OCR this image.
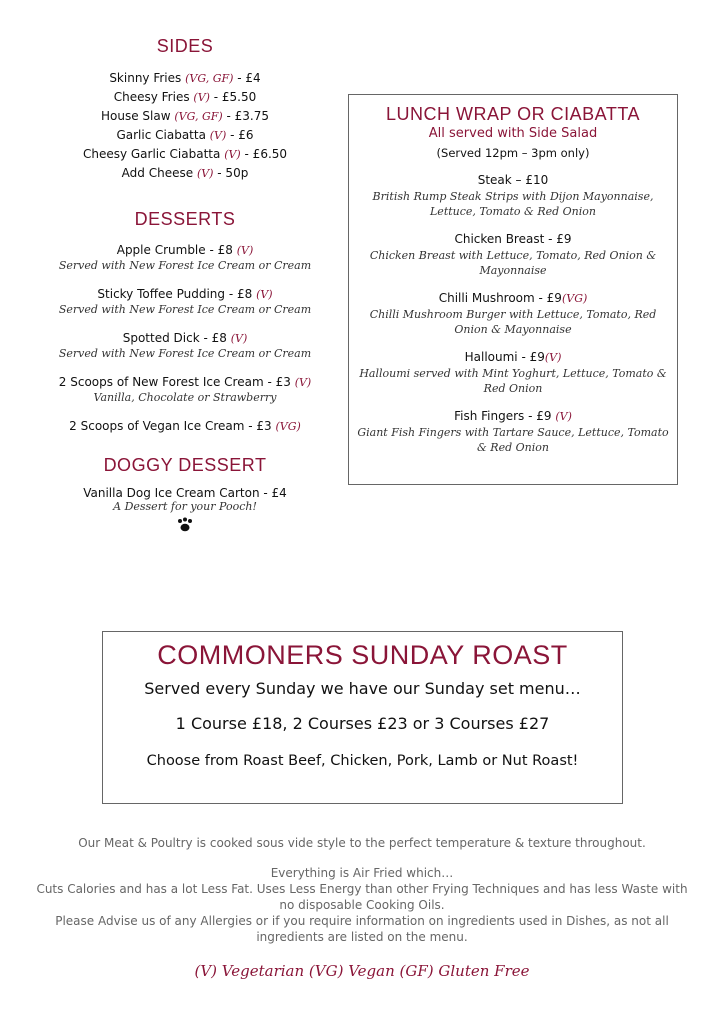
SIDES
Skinny Fries (VG, GF) - £4
Cheesy Fries (V) - £5.50
House Slaw (VG, GF) - £3.75
Garlic Ciabatta (V) - £6
Cheesy Garlic Ciabatta (V) - £6.50
Add Cheese (V) - 50p
DESSERTS
Apple Crumble - £8 (V)
Served with New Forest Ice Cream or Cream
Sticky Toffee Pudding - £8 (V)
Served with New Forest Ice Cream or Cream
Spotted Dick - £8 (V)
Served with New Forest Ice Cream or Cream
2 Scoops of New Forest Ice Cream - £3 (V)
Vanilla, Chocolate or Strawberry
2 Scoops of Vegan Ice Cream - £3 (VG)
DOGGY DESSERT
Vanilla Dog Ice Cream Carton - £4
A Dessert for your Pooch!
LUNCH WRAP OR CIABATTA
All served with Side Salad
(Served 12pm – 3pm only)
Steak – £10
British Rump Steak Strips with Dijon Mayonnaise, Lettuce, Tomato & Red Onion
Chicken Breast - £9
Chicken Breast with Lettuce, Tomato, Red Onion & Mayonnaise
Chilli Mushroom - £9(VG)
Chilli Mushroom Burger with Lettuce, Tomato, Red Onion & Mayonnaise
Halloumi - £9(V)
Halloumi served with Mint Yoghurt, Lettuce, Tomato & Red Onion
Fish Fingers - £9 (V)
Giant Fish Fingers with Tartare Sauce, Lettuce, Tomato & Red Onion
COMMONERS SUNDAY ROAST
Served every Sunday we have our Sunday set menu…
1 Course £18, 2 Courses £23 or 3 Courses £27
Choose from Roast Beef, Chicken, Pork, Lamb or Nut Roast!
Our Meat & Poultry is cooked sous vide style to the perfect temperature & texture throughout.
Everything is Air Fried which…
Cuts Calories and has a lot Less Fat. Uses Less Energy than other Frying Techniques and has less Waste with no disposable Cooking Oils.
Please Advise us of any Allergies or if you require information on ingredients used in Dishes, as not all ingredients are listed on the menu.
(V) Vegetarian (VG) Vegan (GF) Gluten Free
